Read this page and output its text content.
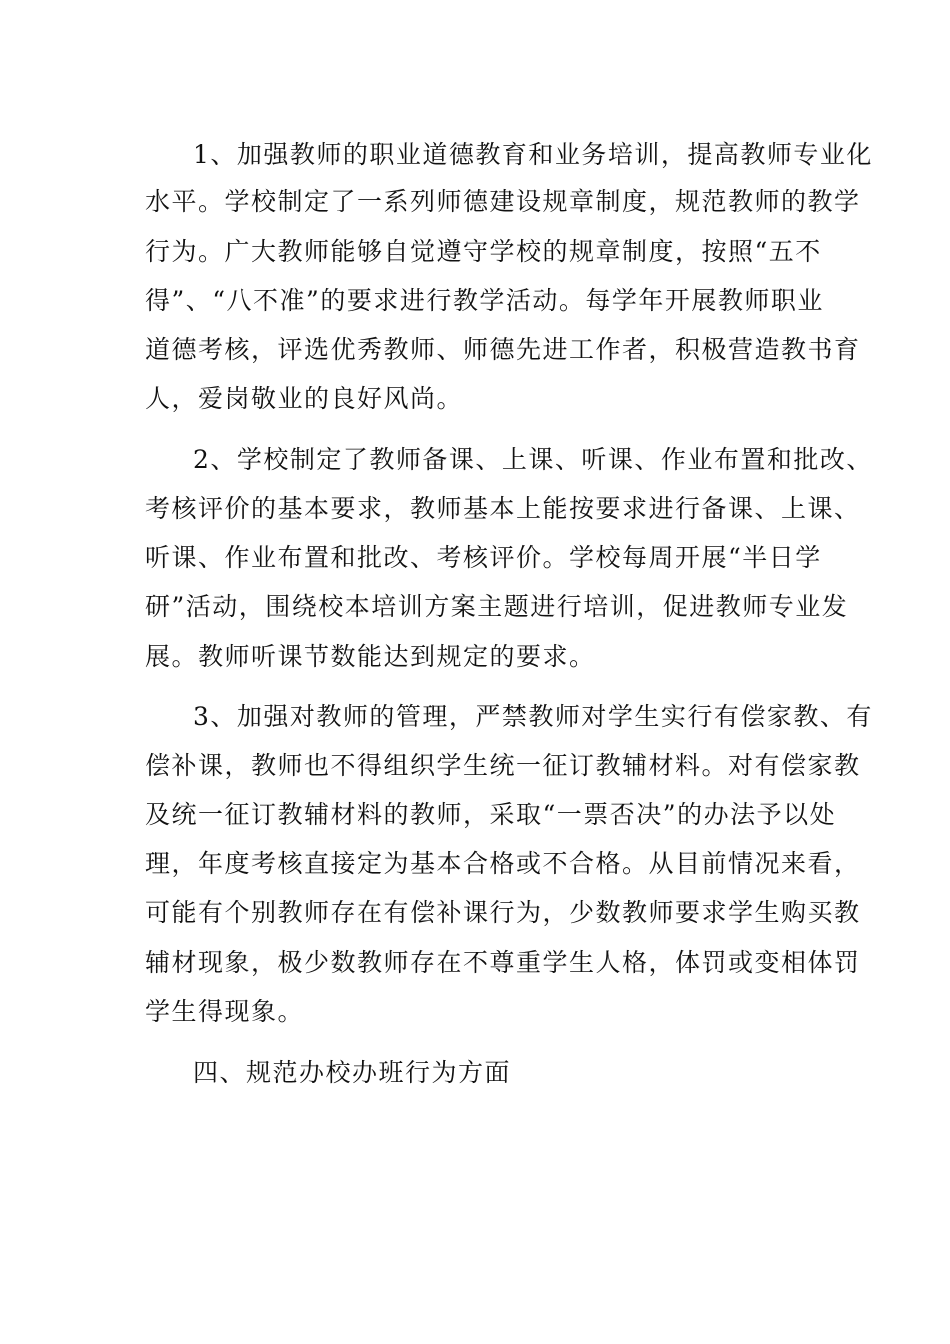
1、加强教师的职业道德教育和业务培训，提高教师专业化
水平。学校制定了一系列师德建设规章制度，规范教师的教学
行为。广大教师能够自觉遵守学校的规章制度，按照“五不
得”、“八不准”的要求进行教学活动。每学年开展教师职业
道德考核，评选优秀教师、师德先进工作者，积极营造教书育
人，爱岗敬业的良好风尚。
2、学校制定了教师备课、上课、听课、作业布置和批改、
考核评价的基本要求，教师基本上能按要求进行备课、上课、
听课、作业布置和批改、考核评价。学校每周开展“半日学
研”活动，围绕校本培训方案主题进行培训，促进教师专业发
展。教师听课节数能达到规定的要求。
3、加强对教师的管理，严禁教师对学生实行有偿家教、有
偿补课，教师也不得组织学生统一征订教辅材料。对有偿家教
及统一征订教辅材料的教师，采取“一票否决”的办法予以处
理，年度考核直接定为基本合格或不合格。从目前情况来看，
可能有个别教师存在有偿补课行为，少数教师要求学生购买教
辅材现象，极少数教师存在不尊重学生人格，体罚或变相体罚
学生得现象。
四、规范办校办班行为方面
